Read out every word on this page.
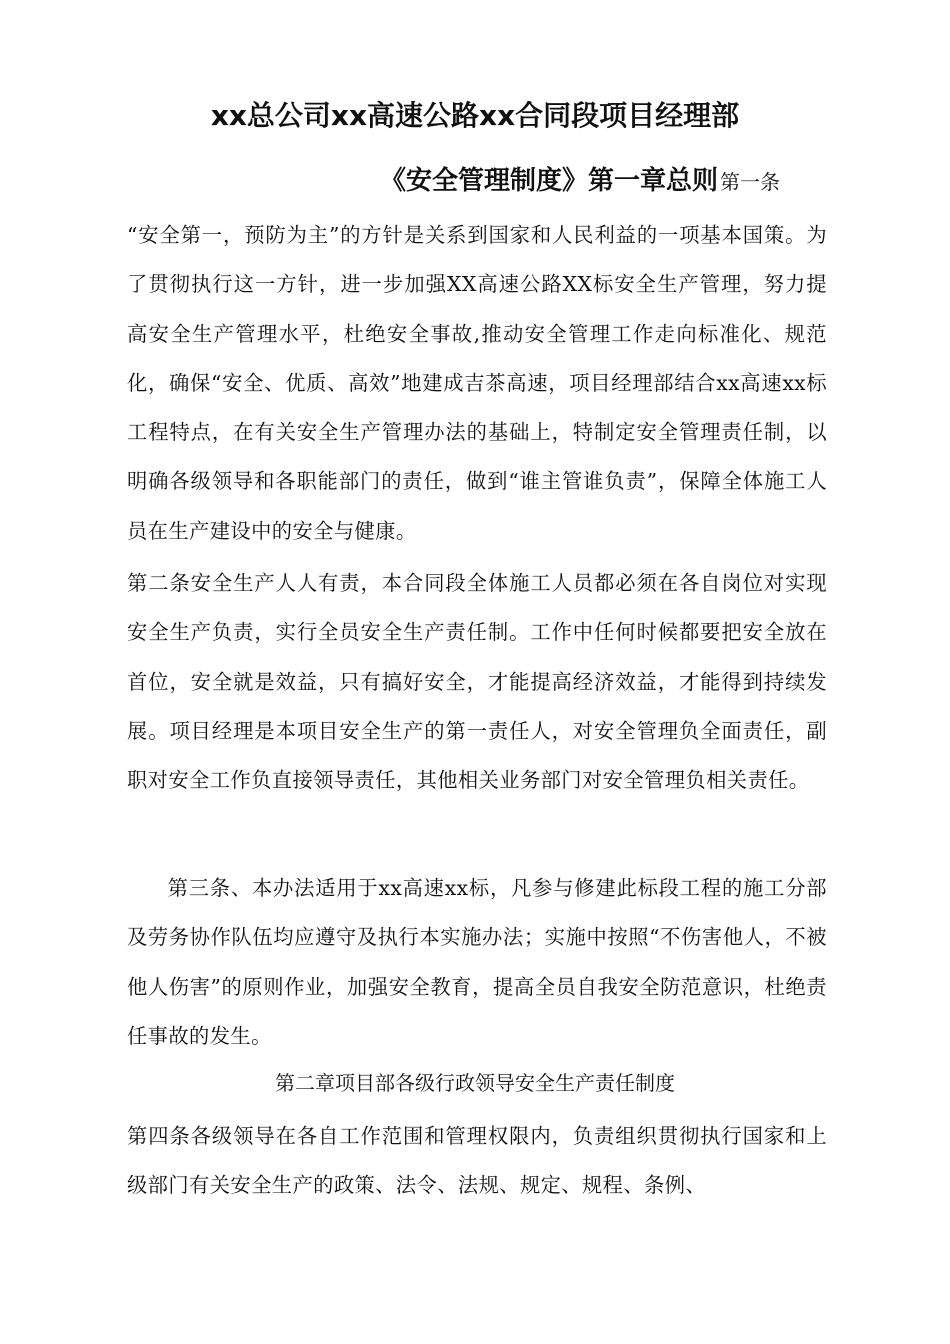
xx总公司xx高速公路xx合同段项目经理部
《安全管理制度》第一章总则 第一条
“安全第一，预防为主”的方针是关系到国家和人民利益的一项基本国策。为了贯彻执行这一方针，进一步加强XX高速公路XX标安全生产管理，努力提高安全生产管理水平，杜绝安全事故,推动安全管理工作走向标准化、规范化，确保“安全、优质、高效”地建成吉茶高速，项目经理部结合xx高速xx标工程特点，在有关安全生产管理办法的基础上，特制定安全管理责任制，以明确各级领导和各职能部门的责任，做到“谁主管谁负责”，保障全体施工人员在生产建设中的安全与健康。
第二条安全生产人人有责，本合同段全体施工人员都必须在各自岗位对实现安全生产负责，实行全员安全生产责任制。工作中任何时候都要把安全放在首位，安全就是效益，只有搞好安全，才能提高经济效益，才能得到持续发展。项目经理是本项目安全生产的第一责任人，对安全管理负全面责任，副职对安全工作负直接领导责任，其他相关业务部门对安全管理负相关责任。
第三条、本办法适用于xx高速xx标，凡参与修建此标段工程的施工分部及劳务协作队伍均应遵守及执行本实施办法；实施中按照“不伤害他人，不被他人伤害”的原则作业，加强安全教育，提高全员自我安全防范意识，杜绝责任事故的发生。
第二章项目部各级行政领导安全生产责任制度
第四条各级领导在各自工作范围和管理权限内，负责组织贯彻执行国家和上级部门有关安全生产的政策、法令、法规、规定、规程、条例、
